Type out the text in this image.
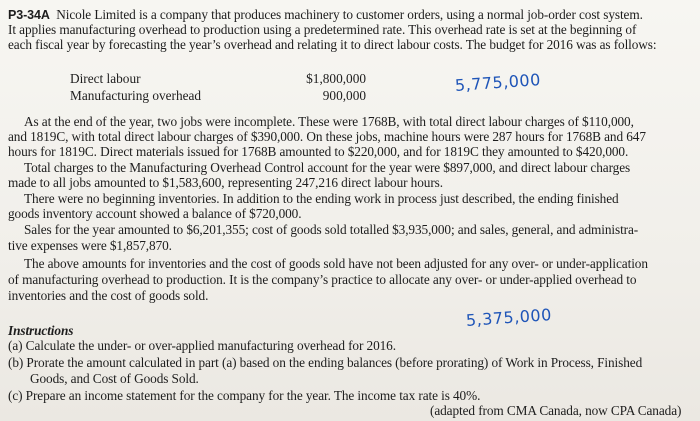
P3-34A Nicole Limited is a company that produces machinery to customer orders, using a normal job-order cost system.
It applies manufacturing overhead to production using a predetermined rate. This overhead rate is set at the beginning of
each fiscal year by forecasting the year’s overhead and relating it to direct labour costs. The budget for 2016 was as follows:
Direct labour	$1,800,000
Manufacturing overhead	900,000
5,775,000
As at the end of the year, two jobs were incomplete. These were 1768B, with total direct labour charges of $110,000,
and 1819C, with total direct labour charges of $390,000. On these jobs, machine hours were 287 hours for 1768B and 647
hours for 1819C. Direct materials issued for 1768B amounted to $220,000, and for 1819C they amounted to $420,000.
Total charges to the Manufacturing Overhead Control account for the year were $897,000, and direct labour charges
made to all jobs amounted to $1,583,600, representing 247,216 direct labour hours.
There were no beginning inventories. In addition to the ending work in process just described, the ending finished
goods inventory account showed a balance of $720,000.
Sales for the year amounted to $6,201,355; cost of goods sold totalled $3,935,000; and sales, general, and administra-
tive expenses were $1,857,870.
The above amounts for inventories and the cost of goods sold have not been adjusted for any over- or under-application
of manufacturing overhead to production. It is the company’s practice to allocate any over- or under-applied overhead to
inventories and the cost of goods sold.
5,375,000
Instructions
(a) Calculate the under- or over-applied manufacturing overhead for 2016.
(b) Prorate the amount calculated in part (a) based on the ending balances (before prorating) of Work in Process, Finished
Goods, and Cost of Goods Sold.
(c) Prepare an income statement for the company for the year. The income tax rate is 40%.
(adapted from CMA Canada, now CPA Canada)
